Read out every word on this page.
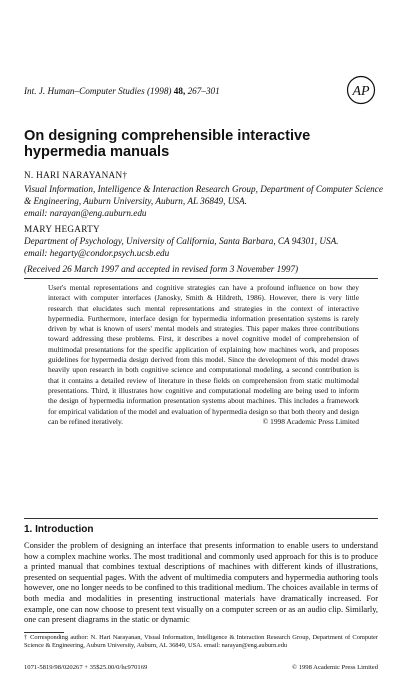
Int. J. Human–Computer Studies (1998) 48, 267–301	AP
On designing comprehensible interactive hypermedia manuals
N. HARI NARAYANAN†
Visual Information, Intelligence & Interaction Research Group, Department of Computer Science & Engineering, Auburn University, Auburn, AL 36849, USA.
email: narayan@eng.auburn.edu
MARY HEGARTY
(Received 26 March 1997 and accepted in revised form 3 November 1997)

User's mental representations and cognitive strategies can have a profound influence on how they interact with computer interfaces (Janosky, Smith & Hildreth, 1986). However, there is very little research that elucidates such mental representations and strategies in the context of interactive hypermedia. Furthermore, interface design for hypermedia information presentation systems is rarely driven by what is known of users' mental models and strategies. This paper makes three contributions toward addressing these problems. First, it describes a novel cognitive model of comprehension of multimodal presentations for the specific application of explaining how machines work, and proposes guidelines for hypermedia design derived from this model. Since the development of this model draws heavily upon research in both cognitive science and computational modeling, a second contribution is that it contains a detailed review of literature in these fields on comprehension from static multimodal presentations. Third, it illustrates how cognitive and computational modeling are being used to inform the design of hypermedia information presentation systems about machines. This includes a framework for empirical validation of the model and evaluation of hypermedia design so that both theory and design can be refined iteratively.	© 1998 Academic Press Limited

1. Introduction

Consider the problem of designing an interface that presents information to enable users to understand how a complex machine works. The most traditional and commonly used approach for this is to produce a printed manual that combines textual descriptions of machines with different kinds of illustrations, presented on sequential pages. With the advent of multimedia computers and hypermedia authoring tools however, one no longer needs to be confined to this traditional medium. The choices available in terms of both media and modalities in presenting instructional materials have dramatically increased. For example, one can now choose to present text visually on a computer screen or as an audio clip. Similarly, one can present diagrams in the static or dynamic

† Corresponding author: N. Hari Narayanan, Visual Information, Intelligence & Interaction Research Group, Department of Computer Science & Engineering, Auburn University, Auburn, AL 36849, USA. email: narayan@eng.auburn.edu

1071-5819/98/020267 + 35$25.00/0/hc970169	© 1998 Academic Press Limited
Department of Psychology, University of California, Santa Barbara, CA 94301, USA.
email: hegarty@condor.psych.ucsb.edu
